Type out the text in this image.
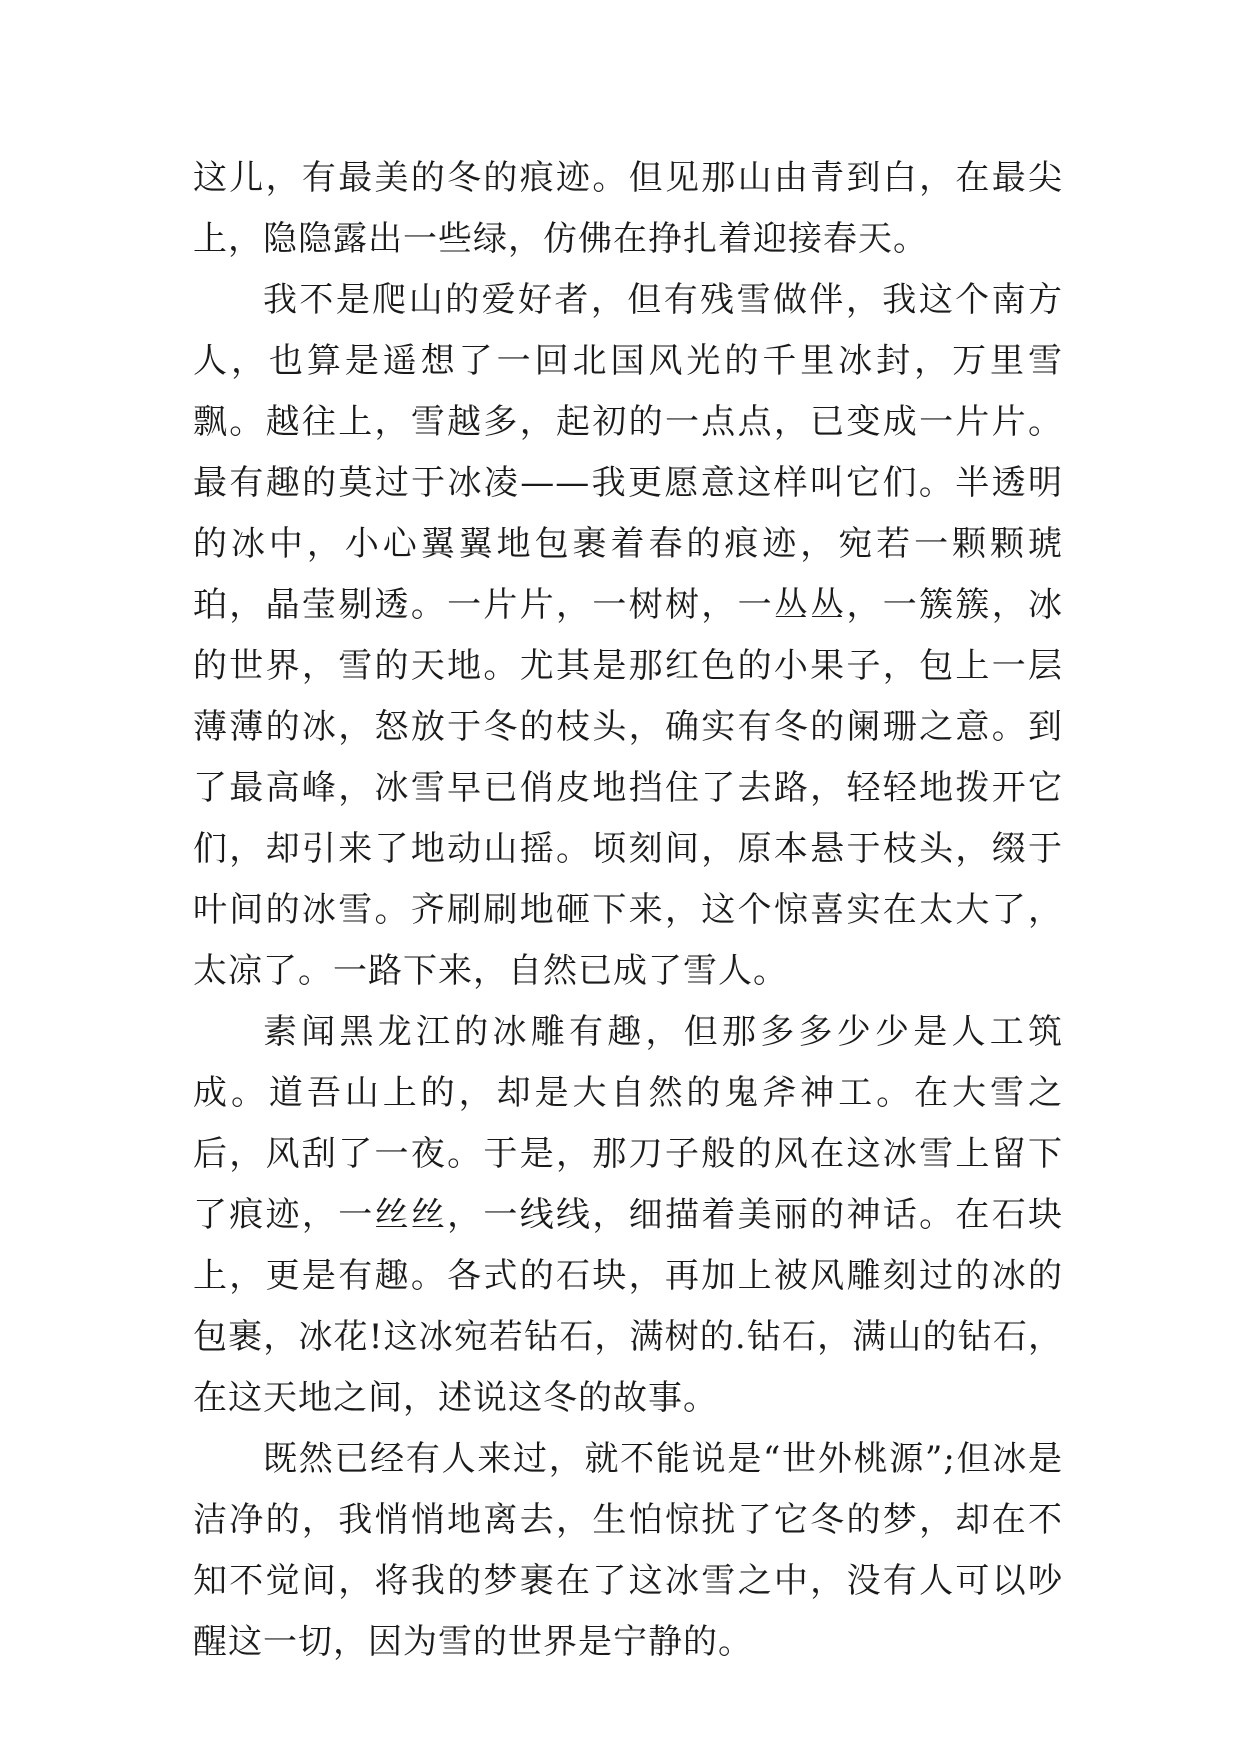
这儿，有最美的冬的痕迹。但见那山由青到白，在最尖上，隐隐露出一些绿，仿佛在挣扎着迎接春天。

我不是爬山的爱好者，但有残雪做伴，我这个南方人，也算是遥想了一回北国风光的千里冰封，万里雪飘。越往上，雪越多，起初的一点点，已变成一片片。最有趣的莫过于冰凌——我更愿意这样叫它们。半透明的冰中，小心翼翼地包裹着春的痕迹，宛若一颗颗琥珀，晶莹剔透。一片片，一树树，一丛丛，一簇簇，冰的世界，雪的天地。尤其是那红色的小果子，包上一层薄薄的冰，怒放于冬的枝头，确实有冬的阑珊之意。到了最高峰，冰雪早已俏皮地挡住了去路，轻轻地拨开它们，却引来了地动山摇。顷刻间，原本悬于枝头，缀于叶间的冰雪。齐刷刷地砸下来，这个惊喜实在太大了，太凉了。一路下来，自然已成了雪人。

素闻黑龙江的冰雕有趣，但那多多少少是人工筑成。道吾山上的，却是大自然的鬼斧神工。在大雪之后，风刮了一夜。于是，那刀子般的风在这冰雪上留下了痕迹，一丝丝，一线线，细描着美丽的神话。在石块上，更是有趣。各式的石块，再加上被风雕刻过的冰的包裹，冰花!这冰宛若钻石，满树的.钻石，满山的钻石，在这天地之间，述说这冬的故事。

既然已经有人来过，就不能说是“世外桃源”;但冰是洁净的，我悄悄地离去，生怕惊扰了它冬的梦，却在不知不觉间，将我的梦裹在了这冰雪之中，没有人可以吵醒这一切，因为雪的世界是宁静的。
